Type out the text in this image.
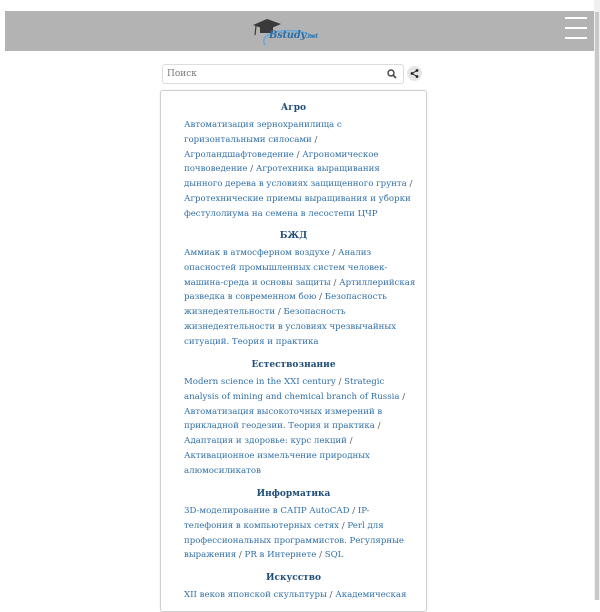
Bstudy.net
Поиск
Агро
Автоматизация зернохранилища с горизонтальными силосами / Агроландшафтоведение / Агрономическое почвоведение / Агротехника выращивания дынного дерева в условиях защищенного грунта / Агротехнические приемы выращивания и уборки фестулолиума на семена в лесостепи ЦЧР
БЖД
Аммиак в атмосферном воздухе / Анализ опасностей промышленных систем человек-машина-среда и основы защиты / Артиллерийская разведка в современном бою / Безопасность жизнедеятельности / Безопасность жизнедеятельности в условиях чрезвычайных ситуаций. Теория и практика
Естествознание
Modern science in the XXI century / Strategic analysis of mining and chemical branch of Russia / Автоматизация высокоточных измерений в прикладной геодезии. Теория и практика / Адаптация и здоровье: курс лекций / Активационное измельчение природных алюмосиликатов
Информатика
3D-моделирование в САПР AutoCAD / IP-телефония в компьютерных сетях / Perl для профессиональных программистов. Регулярные выражения / PR в Интернете / SQL
Искусство
XII веков японской скульптуры / Академическая
